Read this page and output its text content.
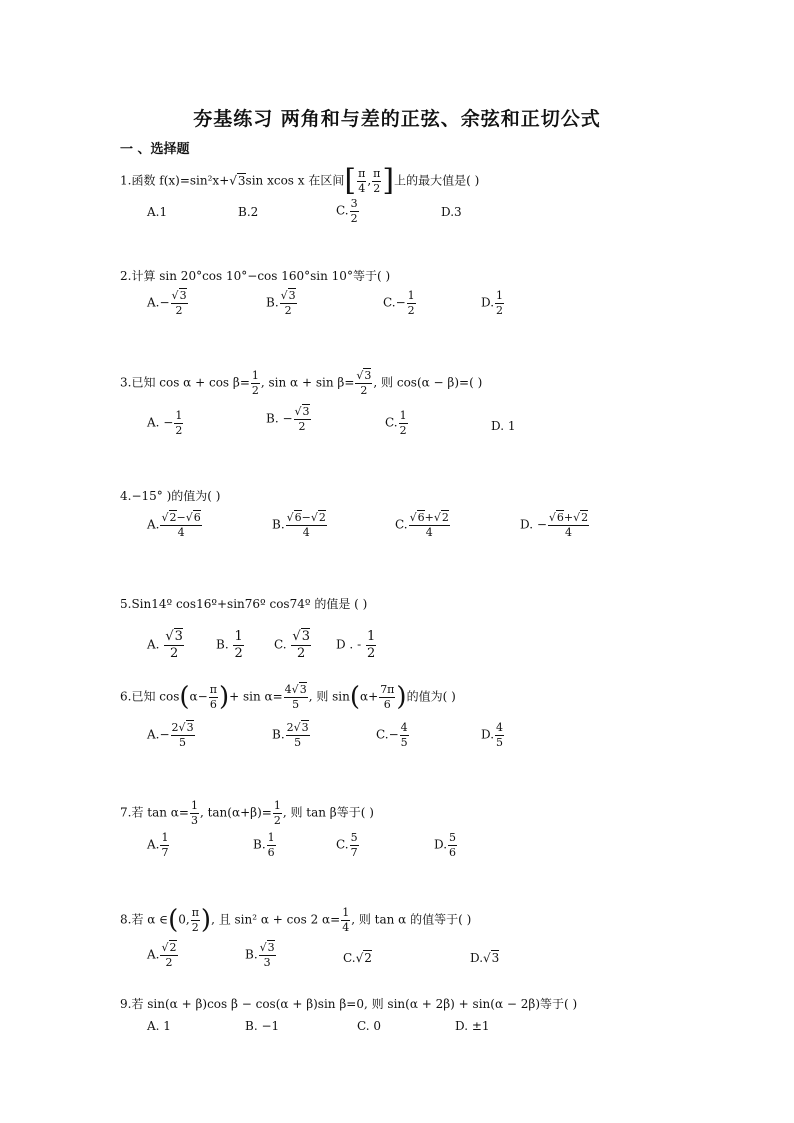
夯基练习 两角和与差的正弦、余弦和正切公式
一 、选择题
1.函数 f(x)=sin²x+√3sin xcos x 在区间[ $\frac{\pi}{4}$ , $\frac{\pi}{2}$ ]上的最大值是( )
A.1	B.2	C. $\frac{3}{2}$	D.3
2.计算 sin 20°cos 10°−cos 160°sin 10°等于( )
$A.- \frac{√3}{2}$	B. $\frac{√3}{2}$	$C.- \frac{1}{2}$	D. $\frac{1}{2}$
3.已知 $\cos \alpha + \cos \beta= \frac{1}{2}$ , $\sin \alpha + \sin \beta= \frac{√3}{2}$ , 则 cos(α − β)=( )
A. − $\frac{1}{2}$	B. − $\frac{√3}{2}$	C. $\frac{1}{2}$	D. 1
4.−15° )的值为( )
A. $\frac{√2-√6}{4}$	B. $\frac{√6-√2}{4}$	C. $\frac{√6+√2}{4}$	D. − $\frac{√6+√2}{4}$
5.Sin14º cos16º+sin76º cos74º 的值是 ( )
A. $\frac{√3}{2}$	B. $\frac{1}{2}$	C. $\frac{√3}{2}$ D . - $\frac{1}{2}$
6.已知 $\cos(\alpha- \frac{\pi}{6}$ )+ $\sin \alpha= \frac{4√3}{5}$ , 则 $\sin(\alpha+ \frac{7\pi}{6}$ )的值为( )
$A.- \frac{2√3}{5}$	B. $\frac{2√3}{5}$	$C.- \frac{4}{5}$	D. $\frac{4}{5}$
7.若 $\tan \alpha= \frac{1}{3}$ , $\tan(\alpha+\beta)= \frac{1}{2}$ , 则 tan β等于( )
A. $\frac{1}{7}$	B. $\frac{1}{6}$	C. $\frac{5}{7}$	D. $\frac{5}{6}$
8.若 α ∈(0, $\frac{\pi}{2}$ ), 且 sin² α + cos 2 $\alpha= \frac{1}{4}$ , 则 tan α 的值等于( )
A. $\frac{√2}{2}$	B. $\frac{√3}{3}$	C.√2	D.√3
9.若 sin(α + β)cos β − cos(α + β)sin β=0, 则 sin(α + 2β) + sin(α − 2β)等于( )
A. 1	B. −1	C. 0	D. ±1
